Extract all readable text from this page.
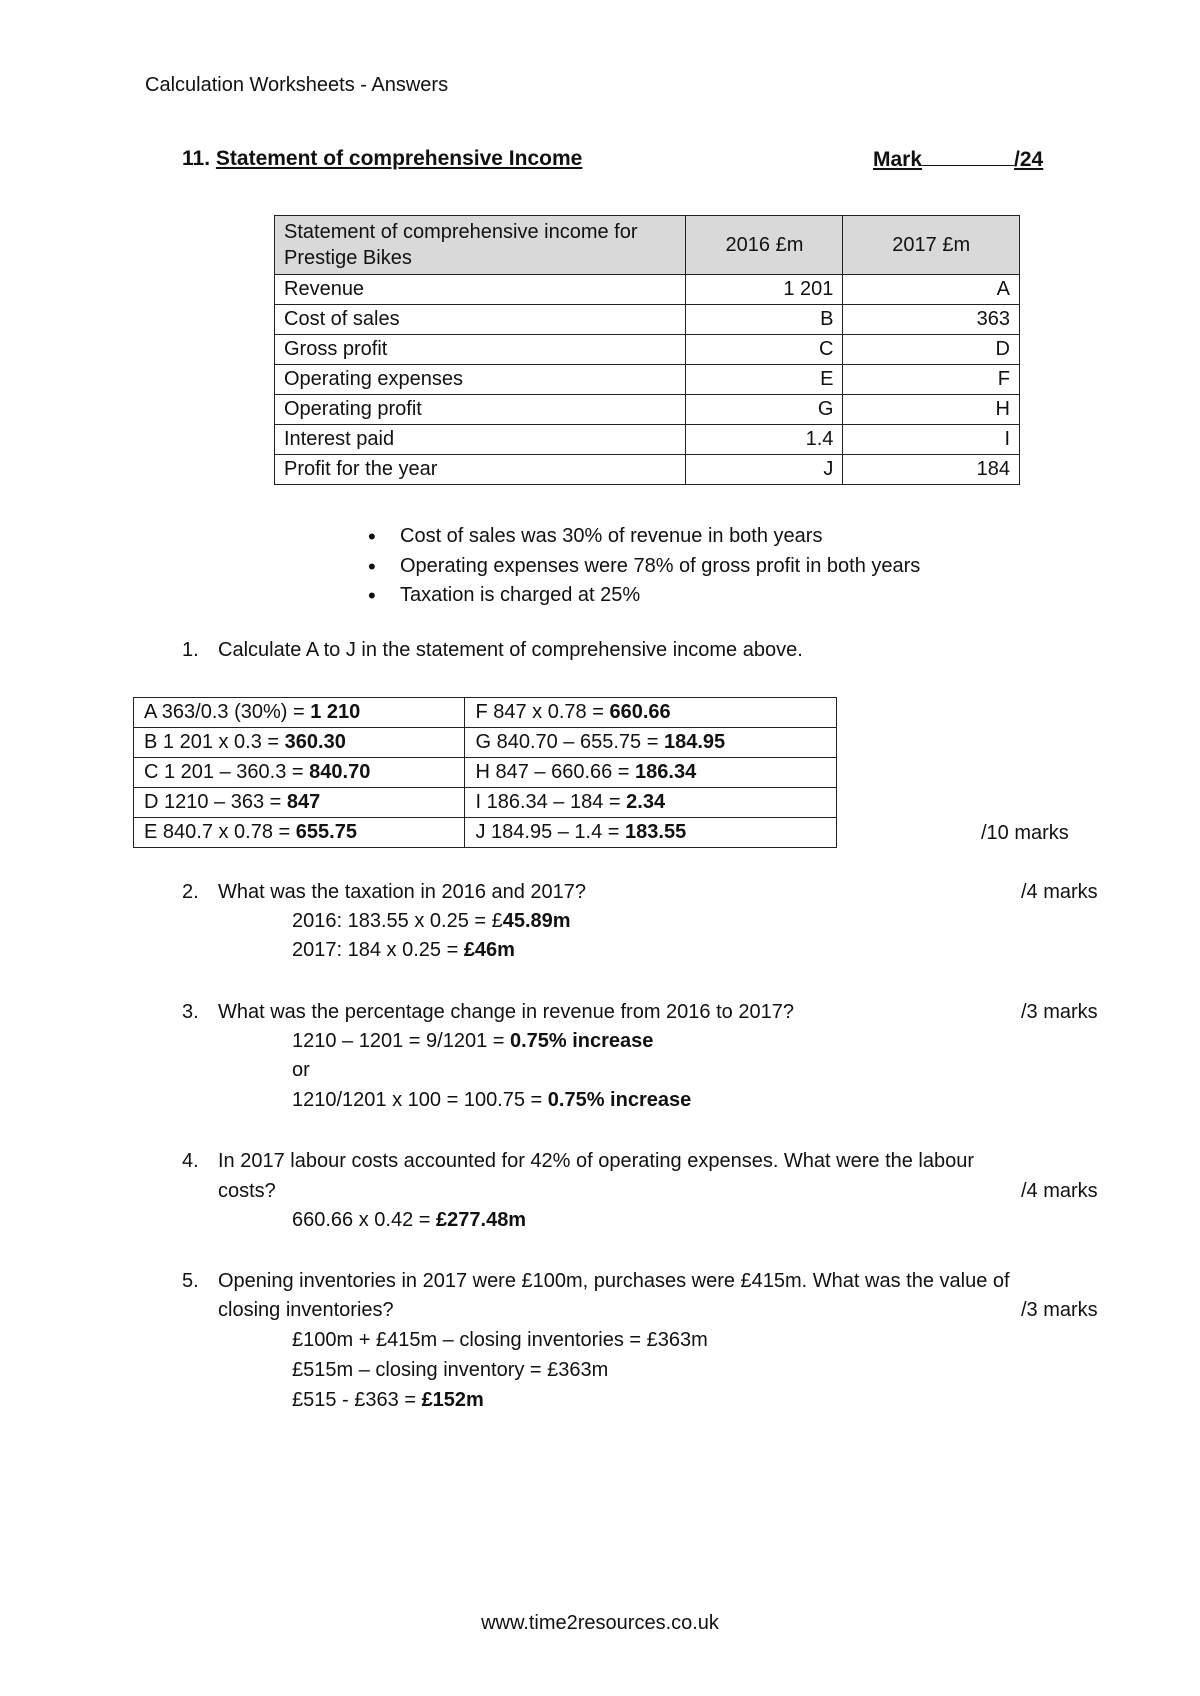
Calculation Worksheets - Answers
11. Statement of comprehensive Income	Mark	/24
Statement of comprehensive income for Prestige Bikes	2016 £m	2017 £m
Revenue	1 201	A
Cost of sales	B	363
Gross profit	C	D
Operating expenses	E	F
Operating profit	G	H
Interest paid	1.4	I
Profit for the year	J	184
• Cost of sales was 30% of revenue in both years
• Operating expenses were 78% of gross profit in both years
• Taxation is charged at 25%
1. Calculate A to J in the statement of comprehensive income above.
A 363/0.3 (30%) = 1 210	F 847 x 0.78 = 660.66
B 1 201 x 0.3 = 360.30	G 840.70 – 655.75 = 184.95
C 1 201 – 360.3 = 840.70	H 847 – 660.66 = 186.34
D 1210 – 363 = 847	I 186.34 – 184 = 2.34
E 840.7 x 0.78 = 655.75	J 184.95 – 1.4 = 183.55	/10 marks
2. What was the taxation in 2016 and 2017?	/4 marks
2016: 183.55 x 0.25 = £45.89m
2017: 184 x 0.25 = £46m
3. What was the percentage change in revenue from 2016 to 2017?	/3 marks
1210 – 1201 = 9/1201 = 0.75% increase
or
1210/1201 x 100 = 100.75 = 0.75% increase
4. In 2017 labour costs accounted for 42% of operating expenses. What were the labour
costs?	/4 marks
660.66 x 0.42 = £277.48m
5. Opening inventories in 2017 were £100m, purchases were £415m. What was the value of
closing inventories?	/3 marks
£100m + £415m – closing inventories = £363m
£515m – closing inventory = £363m
£515 - £363 = £152m
www.time2resources.co.uk
